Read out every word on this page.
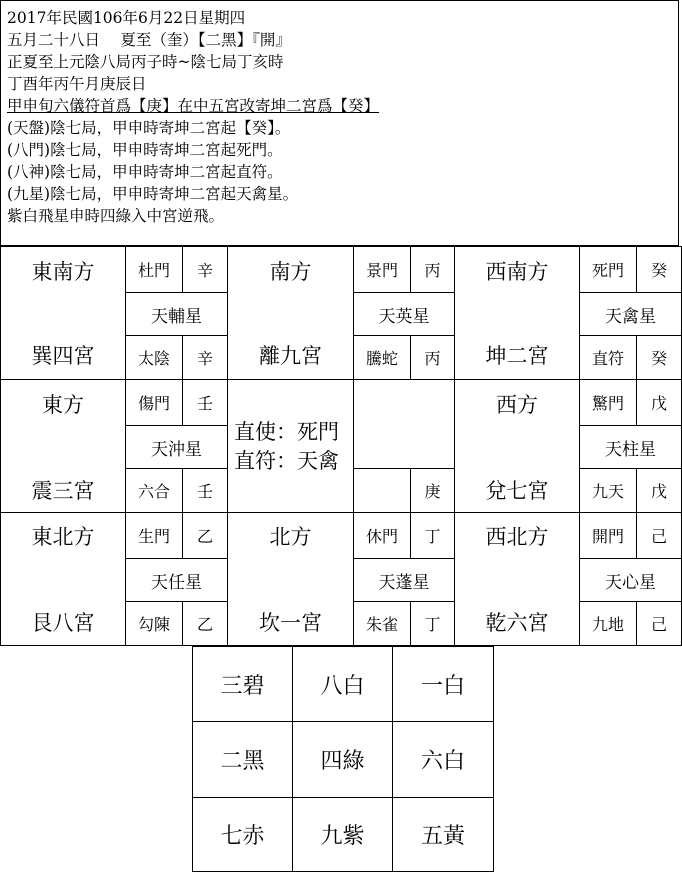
2017年民國106年6月22日星期四
五月二十八日　 夏至（奎）【二黑】『開』
正夏至上元陰八局丙子時~陰七局丁亥時
丁酉年丙午月庚辰日
甲申旬六儀符首爲【庚】在中五宮改寄坤二宮爲【癸】
(天盤)陰七局，甲申時寄坤二宮起【癸】。
(八門)陰七局，甲申時寄坤二宮起死門。
(八神)陰七局，甲申時寄坤二宮起直符。
(九星)陰七局，甲申時寄坤二宮起天禽星。
紫白飛星申時四綠入中宮逆飛。
東南方
巽四宮
杜門	辛
天輔星
太陰	辛
南方
離九宮
景門	丙
天英星
騰蛇	丙
西南方
坤二宮
死門	癸
天禽星
直符	癸
東方
震三宮
傷門	壬
天沖星
六合	壬
直使：死門
直符：天禽
庚
西方
兌七宮
驚門	戊
天柱星
九天	戊
東北方
艮八宮
生門	乙
天任星
勾陳	乙
北方
坎一宮
休門	丁
天蓬星
朱雀	丁
西北方
乾六宮
開門	己
天心星
九地	己
三碧	八白	一白
二黑	四綠	六白
七赤	九紫	五黃
